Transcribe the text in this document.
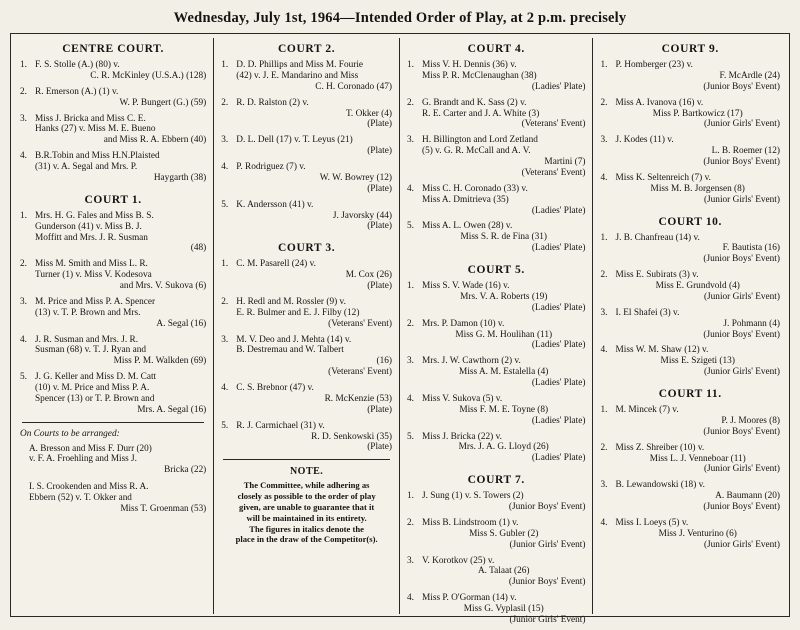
Wednesday, July 1st, 1964—Intended Order of Play, at 2 p.m. precisely
CENTRE COURT.
1. F. S. Stolle (A.) (80) v.
C. R. McKinley (U.S.A.) (128)
2. R. Emerson (A.) (1) v.
W. P. Bungert (G.) (59)
3. Miss J. Bricka and Miss C. E.
Hanks (27) v. Miss M. E. Bueno
and Miss R. A. Ebbern (40)
4. B.R.Tobin and Miss H.N.Plaisted
(31) v. A. Segal and Mrs. P.
Haygarth (38)
COURT 1.
1. Mrs. H. G. Fales and Miss B. S.
Gunderson (41) v. Miss B. J.
Moffitt and Mrs. J. R. Susman
(48)
2. Miss M. Smith and Miss L. R.
Turner (1) v. Miss V. Kodesova
and Mrs. V. Sukova (6)
3. M. Price and Miss P. A. Spencer
(13) v. T. P. Brown and Mrs.
A. Segal (16)
4. J. R. Susman and Mrs. J. R.
Susman (68) v. T. J. Ryan and
Miss P. M. Walkden (69)
5. J. G. Keller and Miss D. M. Catt
(10) v. M. Price and Miss P. A.
Spencer (13) or T. P. Brown and
Mrs. A. Segal (16)
On Courts to be arranged:

A. Bresson and Miss F. Durr (20)
v. F. A. Froehling and Miss J.
Bricka (22)

I. S. Crookenden and Miss R. A.
Ebbern (52) v. T. Okker and
Miss T. Groenman (53)

COURT 2.
1. D. D. Phillips and Miss M. Fourie
(42) v. J. E. Mandarino and Miss
C. H. Coronado (47)
2. R. D. Ralston (2) v.
T. Okker (4)
(Plate)
3. D. L. Dell (17) v. T. Leyus (21)
(Plate)
4. P. Rodriguez (7) v.
W. W. Bowrey (12)
(Plate)
5. K. Andersson (41) v.
J. Javorsky (44)
(Plate)
COURT 3.
1. C. M. Pasarell (24) v.
M. Cox (26)
(Plate)
2. H. Redl and M. Rossler (9) v.
E. R. Bulmer and E. J. Filby (12)
(Veterans' Event)
3. M. V. Deo and J. Mehta (14) v.
B. Destremau and W. Talbert
(16)
(Veterans' Event)
4. C. S. Brebnor (47) v.
R. McKenzie (53)
(Plate)
5. R. J. Carmichael (31) v.
R. D. Senkowski (35)
(Plate)
NOTE.
The Committee, while adhering as
closely as possible to the order of play
given, are unable to guarantee that it
will be maintained in its entirety.
The figures in italics denote the
place in the draw of the Competitor(s).
COURT 4.
1. Miss V. H. Dennis (36) v.
Miss P. R. McClenaughan (38)
(Ladies' Plate)
2. G. Brandt and K. Sass (2) v.
R. E. Carter and J. A. White (3)
(Veterans' Event)
3. H. Billington and Lord Zetland
(5) v. G. R. McCall and A. V.
Martini (7)
(Veterans' Event)
4. Miss C. H. Coronado (33) v.
Miss A. Dmitrieva (35)
(Ladies' Plate)
5. Miss A. L. Owen (28) v.
Miss S. R. de Fina (31)
(Ladies' Plate)
COURT 5.
1. Miss S. V. Wade (16) v.
Mrs. V. A. Roberts (19)
(Ladies' Plate)
2. Mrs. P. Damon (10) v.
Miss G. M. Houlihan (11)
(Ladies' Plate)
3. Mrs. J. W. Cawthorn (2) v.
Miss A. M. Estalella (4)
(Ladies' Plate)
4. Miss V. Sukova (5) v.
Miss F. M. E. Toyne (8)
(Ladies' Plate)
5. Miss J. Bricka (22) v.
Mrs. J. A. G. Lloyd (26)
(Ladies' Plate)
COURT 7.
1. J. Sung (1) v. S. Towers (2)
(Junior Boys' Event)
2. Miss B. Lindstroom (1) v.
Miss S. Gubler (2)
(Junior Girls' Event)
3. V. Korotkov (25) v.
A. Talaat (26)
(Junior Boys' Event)
4. Miss P. O'Gorman (14) v.
Miss G. Vyplasil (15)
(Junior Girls' Event)
COURT 9.
1. P. Homberger (23) v.
F. McArdle (24)
(Junior Boys' Event)
2. Miss A. Ivanova (16) v.
Miss P. Bartkowicz (17)
(Junior Girls' Event)
3. J. Kodes (11) v.
L. B. Roemer (12)
(Junior Boys' Event)
4. Miss K. Seltenreich (7) v.
Miss M. B. Jorgensen (8)
(Junior Girls' Event)
COURT 10.
1. J. B. Chanfreau (14) v.
F. Bautista (16)
(Junior Boys' Event)
2. Miss E. Subirats (3) v.
Miss E. Grundvold (4)
(Junior Girls' Event)
3. I. El Shafei (3) v.
J. Pohmann (4)
(Junior Boys' Event)
4. Miss W. M. Shaw (12) v.
Miss E. Szigeti (13)
(Junior Girls' Event)
COURT 11.
1. M. Mincek (7) v.
P. J. Moores (8)
(Junior Boys' Event)
2. Miss Z. Shreiber (10) v.
Miss L. J. Venneboar (11)
(Junior Girls' Event)
3. B. Lewandowski (18) v.
A. Baumann (20)
(Junior Boys' Event)
4. Miss I. Loeys (5) v.
Miss J. Venturino (6)
(Junior Girls' Event)
